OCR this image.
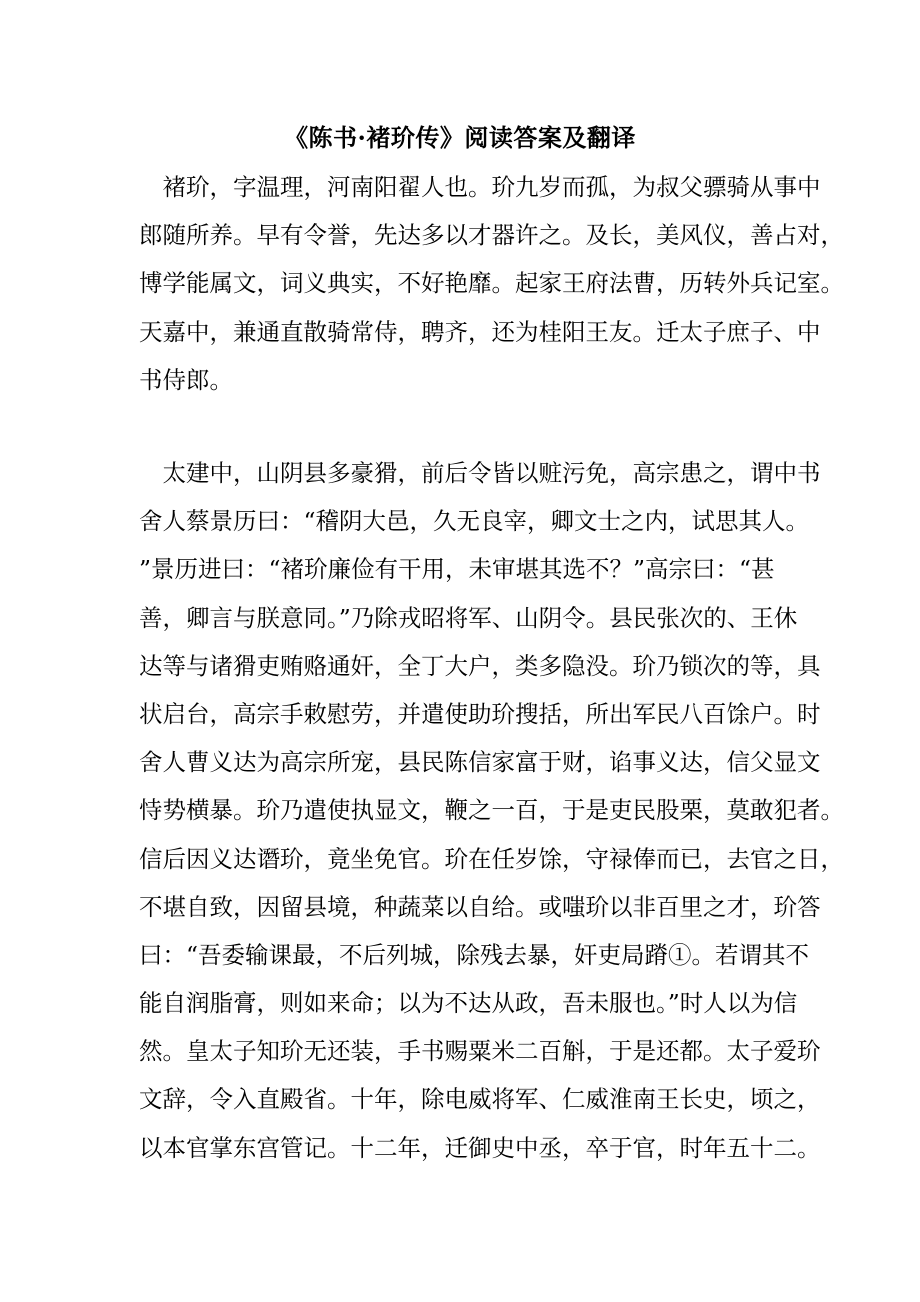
《陈书·褚玠传》阅读答案及翻译
　褚玠，字温理，河南阳翟人也。玠九岁而孤，为叔父骠骑从事中
郎随所养。早有令誉，先达多以才器许之。及长，美风仪，善占对，
博学能属文，词义典实，不好艳靡。起家王府法曹，历转外兵记室。
天嘉中，兼通直散骑常侍，聘齐，还为桂阳王友。迁太子庶子、中
书侍郎。
　太建中，山阴县多豪猾，前后令皆以赃污免，高宗患之，谓中书
舍人蔡景历曰：“稽阴大邑，久无良宰，卿文士之内，试思其人。
”景历进曰：“褚玠廉俭有干用，未审堪其选不？”高宗曰：“甚
善，卿言与朕意同。”乃除戎昭将军、山阴令。县民张次的、王休
达等与诸猾吏贿赂通奸，全丁大户，类多隐没。玠乃锁次的等，具
状启台，高宗手敕慰劳，并遣使助玠搜括，所出军民八百馀户。时
舍人曹义达为高宗所宠，县民陈信家富于财，谄事义达，信父显文
恃势横暴。玠乃遣使执显文，鞭之一百，于是吏民股栗，莫敢犯者。
信后因义达谮玠，竟坐免官。玠在任岁馀，守禄俸而已，去官之日，
不堪自致，因留县境，种蔬菜以自给。或嗤玠以非百里之才，玠答
曰：“吾委输课最，不后列城，除残去暴，奸吏局蹐①。若谓其不
能自润脂膏，则如来命；以为不达从政，吾未服也。”时人以为信
然。皇太子知玠无还装，手书赐粟米二百斛，于是还都。太子爱玠
文辞，令入直殿省。十年，除电威将军、仁威淮南王长史，顷之，
以本官掌东宫管记。十二年，迁御史中丞，卒于官，时年五十二。
